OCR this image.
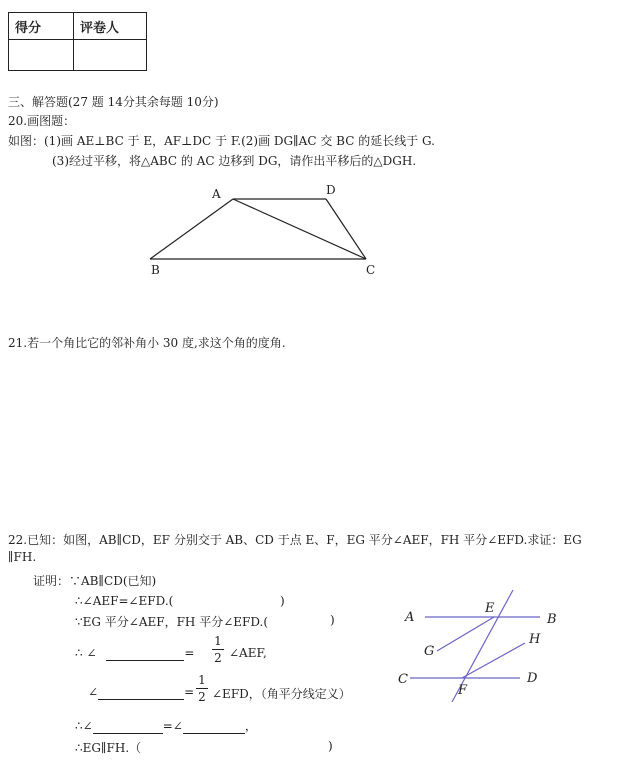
得分	评卷人

三、解答题(27 题 14分其余每题 10分)
20.画图题：
如图：(1)画 AE⊥BC 于 E，AF⊥DC 于 F.(2)画 DG∥AC 交 BC 的延长线于 G.
(3)经过平移，将△ABC 的 AC 边移到 DG，请作出平移后的△DGH.
A	D
B	C
A
E
B
H
G
C	D
F
21.若一个角比它的邻补角小 30 度,求这个角的度角.
22.已知：如图，AB∥CD，EF 分别交于 AB、CD 于点 E、F，EG 平分∠AEF，FH 平分∠EFD.求证：EG
∥FH.
证明：∵AB∥CD(已知)
∴∠AEF=∠EFD.(	)
∵EG 平分∠AEF，FH 平分∠EFD.(	)
∴ ∠	=
1
2 ∠AEF,
∠	=
1
2 ∠EFD，（角平分线定义）
∴∠	=∠	，
∴EG∥FH.（	)
